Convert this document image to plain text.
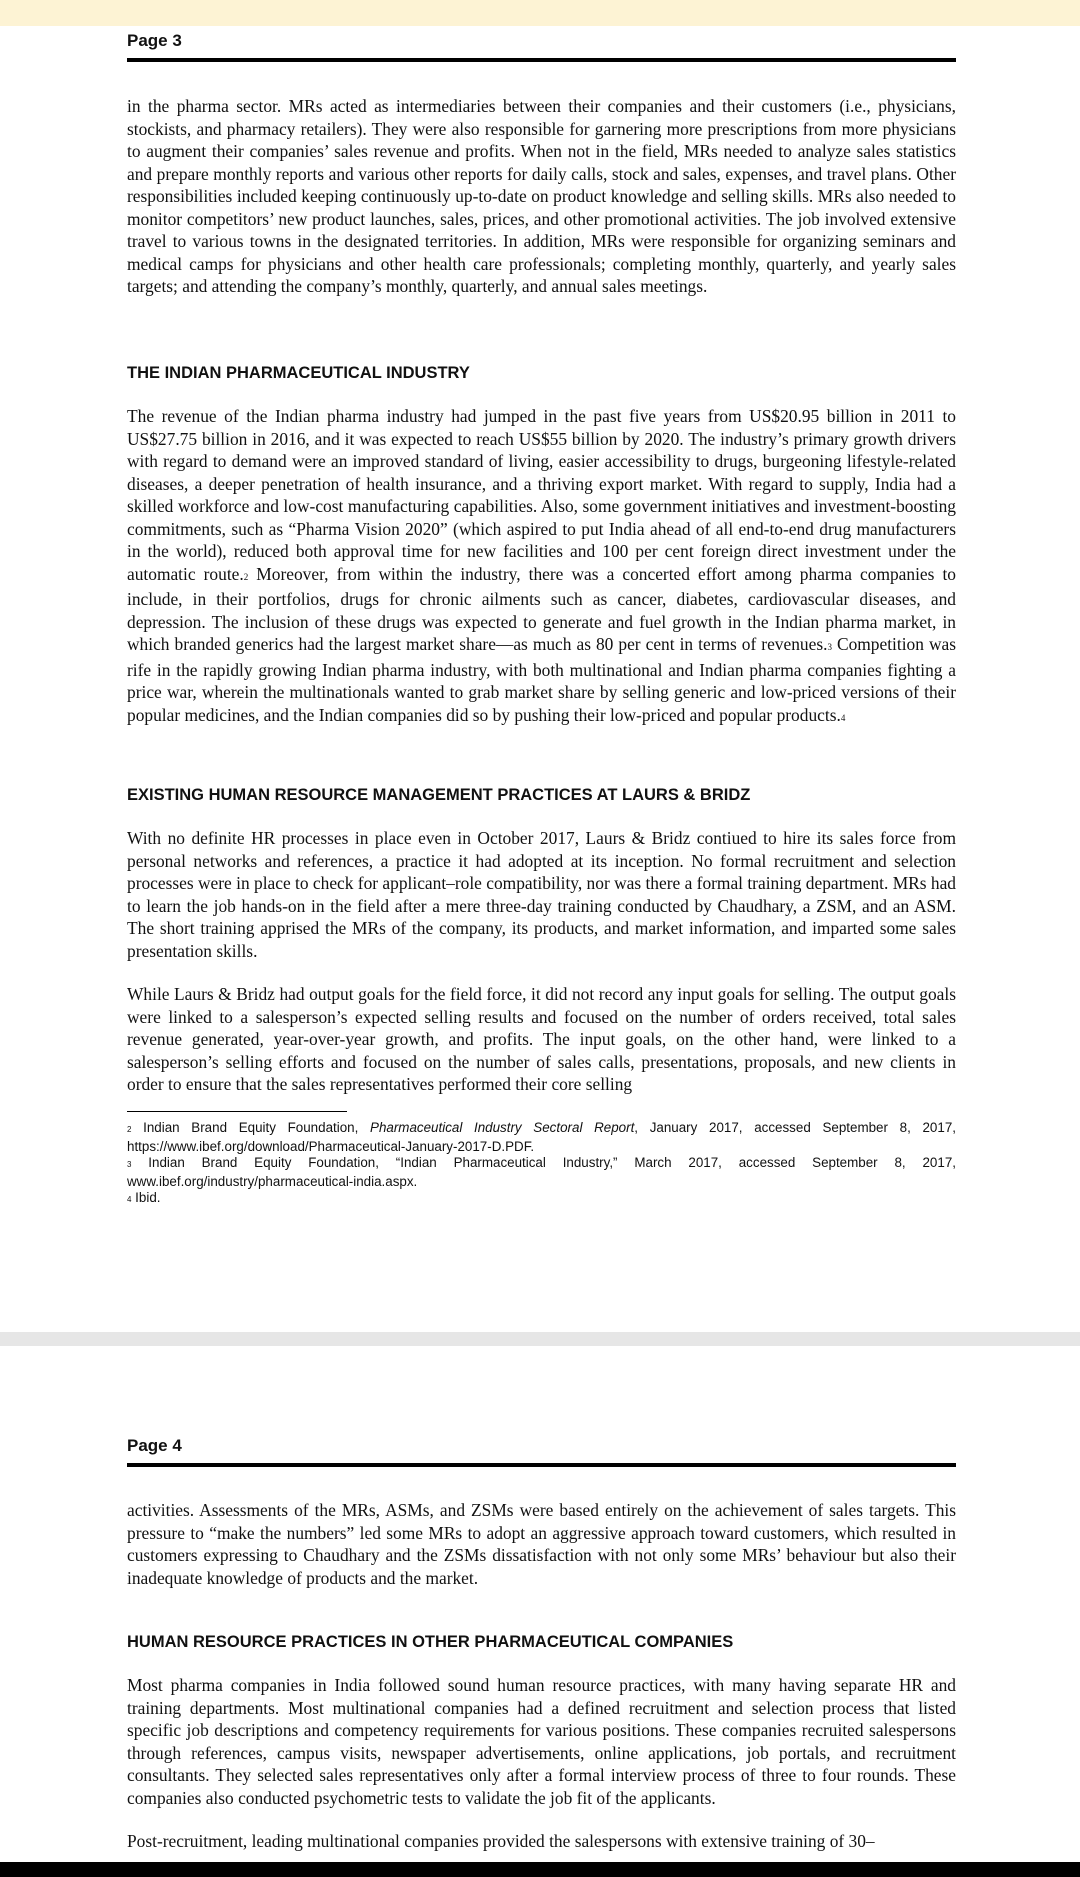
Page 3

in the pharma sector. MRs acted as intermediaries between their companies and their customers (i.e., physicians, stockists, and pharmacy retailers). They were also responsible for garnering more prescriptions from more physicians to augment their companies’ sales revenue and profits. When not in the field, MRs needed to analyze sales statistics and prepare monthly reports and various other reports for daily calls, stock and sales, expenses, and travel plans. Other responsibilities included keeping continuously up-to-date on product knowledge and selling skills. MRs also needed to monitor competitors’ new product launches, sales, prices, and other promotional activities. The job involved extensive travel to various towns in the designated territories. In addition, MRs were responsible for organizing seminars and medical camps for physicians and other health care professionals; completing monthly, quarterly, and yearly sales targets; and attending the company’s monthly, quarterly, and annual sales meetings.

THE INDIAN PHARMACEUTICAL INDUSTRY

The revenue of the Indian pharma industry had jumped in the past five years from US$20.95 billion in 2011 to US$27.75 billion in 2016, and it was expected to reach US$55 billion by 2020. The industry’s primary growth drivers with regard to demand were an improved standard of living, easier accessibility to drugs, burgeoning lifestyle-related diseases, a deeper penetration of health insurance, and a thriving export market. With regard to supply, India had a skilled workforce and low-cost manufacturing capabilities. Also, some government initiatives and investment-boosting commitments, such as “Pharma Vision 2020” (which aspired to put India ahead of all end-to-end drug manufacturers in the world), reduced both approval time for new facilities and 100 per cent foreign direct investment under the automatic route.2 Moreover, from within the industry, there was a concerted effort among pharma companies to include, in their portfolios, drugs for chronic ailments such as cancer, diabetes, cardiovascular diseases, and depression. The inclusion of these drugs was expected to generate and fuel growth in the Indian pharma market, in which branded generics had the largest market share—as much as 80 per cent in terms of revenues.3 Competition was rife in the rapidly growing Indian pharma industry, with both multinational and Indian pharma companies fighting a price war, wherein the multinationals wanted to grab market share by selling generic and low-priced versions of their popular medicines, and the Indian companies did so by pushing their low-priced and popular products.4

EXISTING HUMAN RESOURCE MANAGEMENT PRACTICES AT LAURS & BRIDZ

With no definite HR processes in place even in October 2017, Laurs & Bridz contiued to hire its sales force from personal networks and references, a practice it had adopted at its inception. No formal recruitment and selection processes were in place to check for applicant–role compatibility, nor was there a formal training department. MRs had to learn the job hands-on in the field after a mere three-day training conducted by Chaudhary, a ZSM, and an ASM. The short training apprised the MRs of the company, its products, and market information, and imparted some sales presentation skills.

While Laurs & Bridz had output goals for the field force, it did not record any input goals for selling. The output goals were linked to a salesperson’s expected selling results and focused on the number of orders received, total sales revenue generated, year-over-year growth, and profits. The input goals, on the other hand, were linked to a salesperson’s selling efforts and focused on the number of sales calls, presentations, proposals, and new clients in order to ensure that the sales representatives performed their core selling

2 Indian Brand Equity Foundation, Pharmaceutical Industry Sectoral Report, January 2017, accessed September 8, 2017, https://www.ibef.org/download/Pharmaceutical-January-2017-D.PDF.
3 Indian Brand Equity Foundation, “Indian Pharmaceutical Industry,” March 2017, accessed September 8, 2017, www.ibef.org/industry/pharmaceutical-india.aspx.
4 Ibid.
Page 4

activities. Assessments of the MRs, ASMs, and ZSMs were based entirely on the achievement of sales targets. This pressure to “make the numbers” led some MRs to adopt an aggressive approach toward customers, which resulted in customers expressing to Chaudhary and the ZSMs dissatisfaction with not only some MRs’ behaviour but also their inadequate knowledge of products and the market.

HUMAN RESOURCE PRACTICES IN OTHER PHARMACEUTICAL COMPANIES

Most pharma companies in India followed sound human resource practices, with many having separate HR and training departments. Most multinational companies had a defined recruitment and selection process that listed specific job descriptions and competency requirements for various positions. These companies recruited salespersons through references, campus visits, newspaper advertisements, online applications, job portals, and recruitment consultants. They selected sales representatives only after a formal interview process of three to four rounds. These companies also conducted psychometric tests to validate the job fit of the applicants.

Post-recruitment, leading multinational companies provided the salespersons with extensive training of 30–
